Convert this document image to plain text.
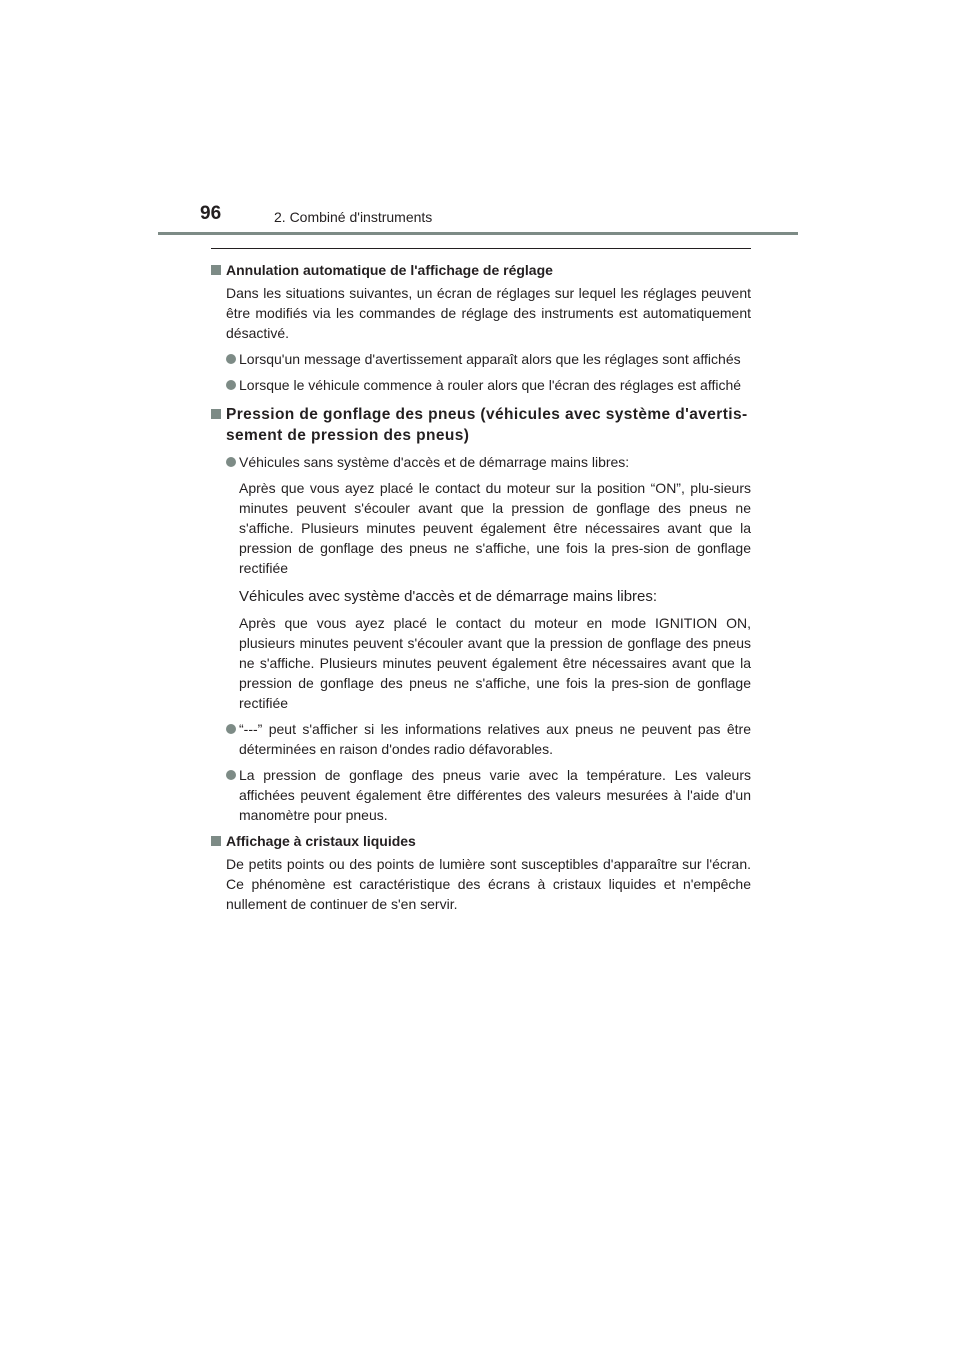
96	2. Combiné d'instruments
Annulation automatique de l'affichage de réglage
Dans les situations suivantes, un écran de réglages sur lequel les réglages peuvent être modifiés via les commandes de réglage des instruments est automatiquement désactivé.
Lorsqu'un message d'avertissement apparaît alors que les réglages sont affichés
Lorsque le véhicule commence à rouler alors que l'écran des réglages est affiché
Pression de gonflage des pneus (véhicules avec système d'avertis-sement de pression des pneus)
Véhicules sans système d'accès et de démarrage mains libres:
Après que vous ayez placé le contact du moteur sur la position “ON”, plu-sieurs minutes peuvent s'écouler avant que la pression de gonflage des pneus ne s'affiche. Plusieurs minutes peuvent également être nécessaires avant que la pression de gonflage des pneus ne s'affiche, une fois la pres-sion de gonflage rectifiée
Véhicules avec système d'accès et de démarrage mains libres:
Après que vous ayez placé le contact du moteur en mode IGNITION ON, plusieurs minutes peuvent s'écouler avant que la pression de gonflage des pneus ne s'affiche. Plusieurs minutes peuvent également être nécessaires avant que la pression de gonflage des pneus ne s'affiche, une fois la pres-sion de gonflage rectifiée
“---” peut s'afficher si les informations relatives aux pneus ne peuvent pas être déterminées en raison d'ondes radio défavorables.
La pression de gonflage des pneus varie avec la température. Les valeurs affichées peuvent également être différentes des valeurs mesurées à l'aide d'un manomètre pour pneus.
Affichage à cristaux liquides
De petits points ou des points de lumière sont susceptibles d'apparaître sur l'écran. Ce phénomène est caractéristique des écrans à cristaux liquides et n'empêche nullement de continuer de s'en servir.
